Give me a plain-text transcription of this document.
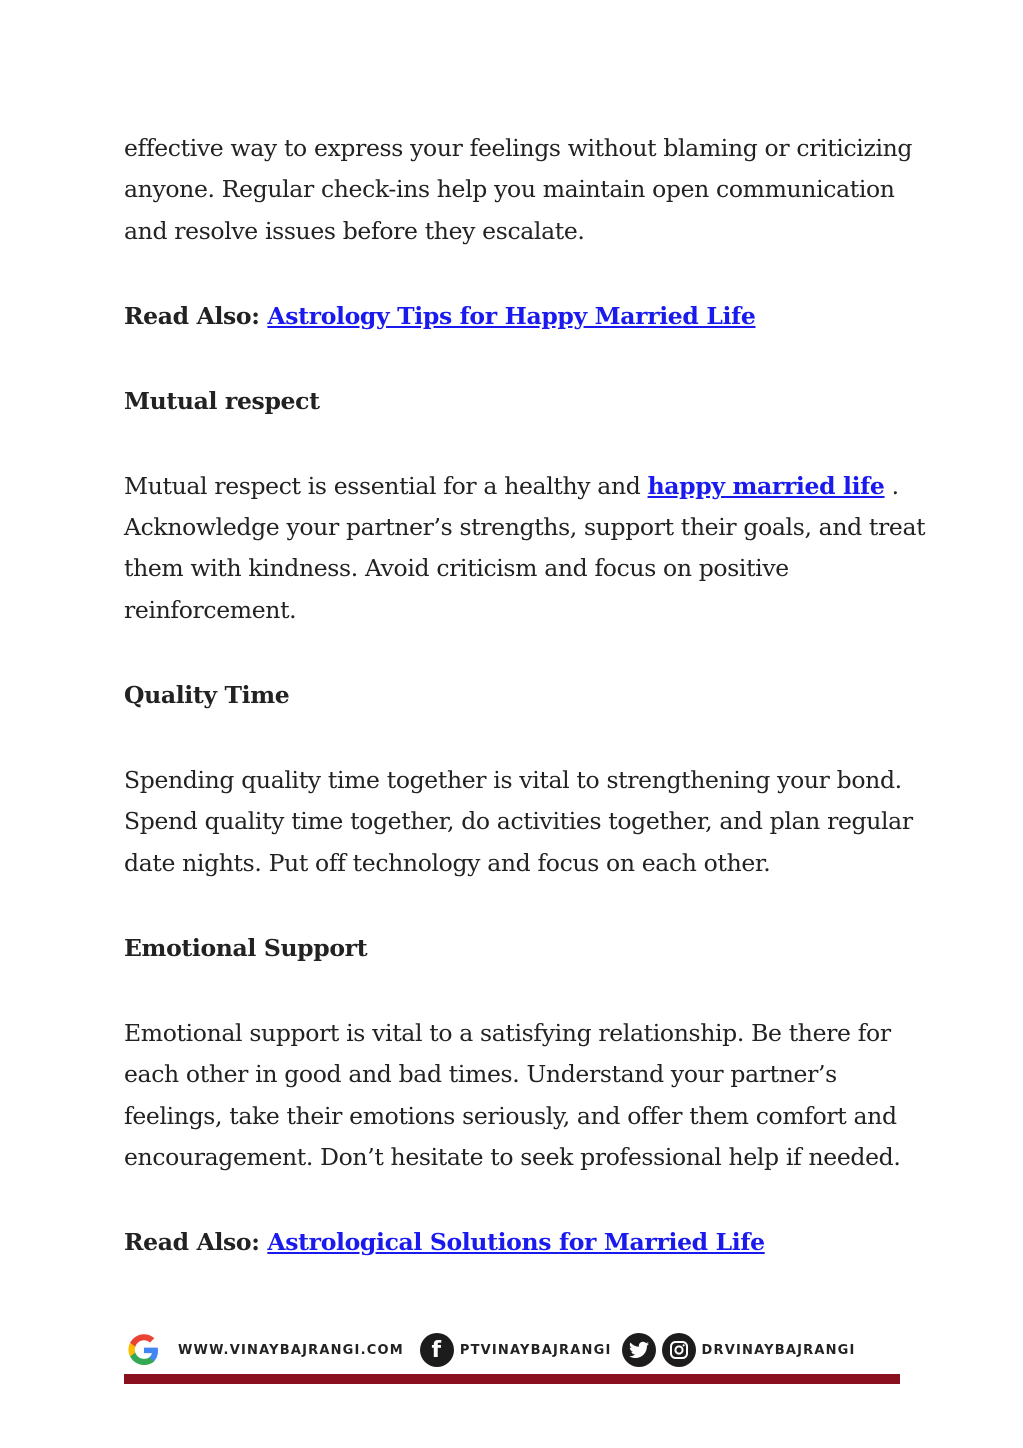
effective way to express your feelings without blaming or criticizing
anyone. Regular check-ins help you maintain open communication
and resolve issues before they escalate.

Read Also: Astrology Tips for Happy Married Life

Mutual respect

Mutual respect is essential for a healthy and happy married life .
Acknowledge your partner’s strengths, support their goals, and treat
them with kindness. Avoid criticism and focus on positive
reinforcement.

Quality Time

Spending quality time together is vital to strengthening your bond.
Spend quality time together, do activities together, and plan regular
date nights. Put off technology and focus on each other.

Emotional Support

Emotional support is vital to a satisfying relationship. Be there for
each other in good and bad times. Understand your partner’s
feelings, take their emotions seriously, and offer them comfort and
encouragement. Don’t hesitate to seek professional help if needed.

Read Also: Astrological Solutions for Married Life

WWW.VINAYBAJRANGI.COM	f	PTVINAYBAJRANGI	DRVINAYBAJRANGI
